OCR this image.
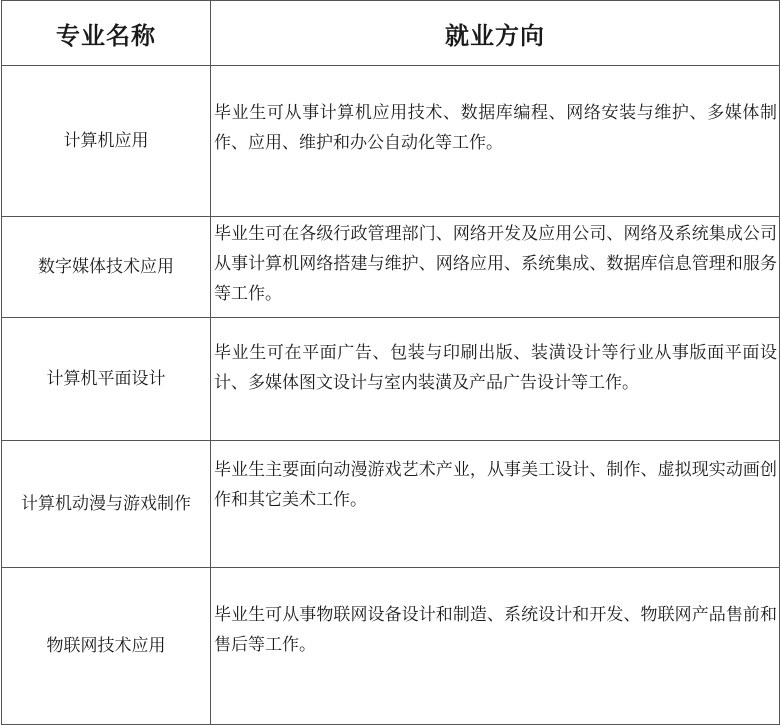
专业名称	就业方向
计算机应用	毕业生可从事计算机应用技术、数据库编程、网络安装与维护、多媒体制作、应用、维护和办公自动化等工作。
数字媒体技术应用	毕业生可在各级行政管理部门、网络开发及应用公司、网络及系统集成公司从事计算机网络搭建与维护、网络应用、系统集成、数据库信息管理和服务等工作。
计算机平面设计	毕业生可在平面广告、包装与印刷出版、装潢设计等行业从事版面平面设计、多媒体图文设计与室内装潢及产品广告设计等工作。
计算机动漫与游戏制作	毕业生主要面向动漫游戏艺术产业，从事美工设计、制作、虚拟现实动画创作和其它美术工作。
物联网技术应用	毕业生可从事物联网设备设计和制造、系统设计和开发、物联网产品售前和售后等工作。
